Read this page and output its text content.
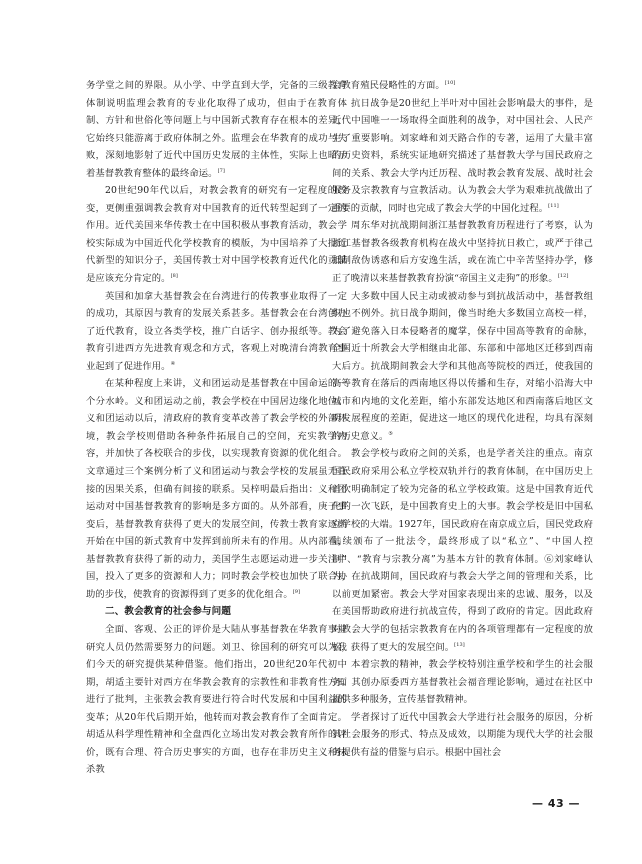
务学堂之间的界限。从小学、中学直到大学，完备的三级教育体制说明监理会教育的专业化取得了成功，但由于在教育体制、方针和世俗化等问题上与中国新式教育存在根本的差异，它始终只能游离于政府体制之外。监理会在华教育的成功与失败，深刻地影射了近代中国历史发展的主体性，实际上也昭示着基督教教育整体的最终命运。[7]

20世纪90年代以后，对教会教育的研究有一定程度的改变，更侧重强调教会教育对中国教育的近代转型起到了一定的作用。近代美国来华传教士在中国积极从事教育活动，教会学校实际成为中国近代化学校教育的模版，为中国培养了大批近代新型的知识分子，美国传教士对中国学校教育近代化的贡献是应该充分肯定的。[8]

英国和加拿大基督教会在台湾进行的传教事业取得了一定的成功，其原因与教育的发展关系甚多。基督教会在台湾创办了近代教育，设立各类学校，推广白话字、创办报纸等。教会教育引进西方先进教育观念和方式，客观上对晚清台湾教育事业起到了促进作用。④

在某种程度上来讲，义和团运动是基督教在中国命运的一个分水岭。义和团运动之前，教会学校在中国居边缘化地位。义和团运动以后，清政府的教育变革改善了教会学校的外部环境，教会学校则借助各种条件拓展自己的空间，充实教学内容，并加快了各校联合的步伐，以实现教育资源的优化组合。文章通过三个案例分析了义和团运动与教会学校的发展虽无直接的因果关系，但确有间接的联系。吴梓明最后指出：义和团运动对中国基督教教育的影响是多方面的。从外部看，庚子事变后，基督教教育获得了更大的发展空间，传教士教育家逐渐开始在中国的新式教育中发挥到前所未有的作用。从内部看，基督教教育获得了新的动力，美国学生志愿运动进一步关注中国，投入了更多的资源和人力；同时教会学校也加快了联合协助的步伐，使教育的资源得到了更多的优化组合。[9]

二、教会教育的社会参与问题

全面、客观、公正的评价是大陆从事基督教在华教育事业研究人员仍然需要努力的问题。刘卫、徐国利的研究可以为我们今天的研究提供某种借鉴。他们指出，20世纪20年代初中期，胡适主要针对西方在华教会教育的宗教性和非教育性方面进行了批判，主张教会教育要进行符合时代发展和中国利益的变革；从20年代后期开始，他转而对教会教育作了全面肯定。胡适从科学理性精神和全盘西化立场出发对教会教育所作的评价，既有合理、符合历史事实的方面，也存在非历史主义和抹杀教

会教育殖民侵略性的方面。[10]

抗日战争是20世纪上半叶对中国社会影响最大的事件，是近代中国唯一一场取得全面胜利的战争，对中国社会、人民产生了重要影响。刘家峰和刘天路合作的专著，运用了大量丰富的历史资料，系统实证地研究描述了基督教大学与国民政府之间的关系、教会大学内迁历程、战时教会教育发展、战时社会服务及宗教教育与宣教活动。认为教会大学为艰难抗战做出了重要的贡献，同时也完成了教会大学的中国化过程。[11]

周东华对抗战期间浙江基督教教育历程进行了考察，认为浙江基督教各级教育机构在战火中坚持抗日救亡，或严于律己抵制敌伪诱惑和后方安逸生活，或在流亡中辛苦坚持办学，修正了晚清以来基督教教育扮演“帝国主义走狗”的形象。[12]

大多数中国人民主动或被动参与到抗战活动中，基督教组织也不例外。抗日战争期间，像当时绝大多数国立高校一样，为了避免落入日本侵略者的魔掌，保存中国高等教育的命脉，全国近十所教会大学相继由北部、东部和中部地区迁移到西南大后方。抗战期间教会大学和其他高等院校的西迁，使我国的高等教育在落后的西南地区得以传播和生存，对缩小沿海大中城市和内地的文化差距，缩小东部发达地区和西南落后地区文明发展程度的差距，促进这一地区的现代化进程，均具有深刻的历史意义。⑤

教会学校与政府之间的关系，也是学者关注的重点。南京国民政府采用公私立学校双轨并行的教育体制，在中国历史上首次明确制定了较为完备的私立学校政策。这是中国教育近代化的一次飞跃，是中国教育史上的大事。教会学校是旧中国私立学校的大端。1927年，国民政府在南京成立后，国民党政府陆续颁布了一批法令，最终形成了以“私立”、“中国人控制”、“教育与宗教分离”为基本方针的教育体制。⑥刘家峰认为，在抗战期间，国民政府与教会大学之间的管理和关系，比以前更加紧密。教会大学对国家表现出来的忠诚、服务，以及在美国帮助政府进行抗战宣传，得到了政府的肯定。因此政府对教会大学的包括宗教教育在内的各项管理都有一定程度的放松，获得了更大的发展空间。[13]

本着宗教的精神，教会学校特别注重学校和学生的社会服务。其创办原委西方基督教社会福音理论影响，通过在社区中提供多种服务，宣传基督教精神。

学者探讨了近代中国教会大学进行社会服务的原因，分析其社会服务的形式、特点及成效，以期能为现代大学的社会服务提供有益的借鉴与启示。根据中国社会

— 43 —
